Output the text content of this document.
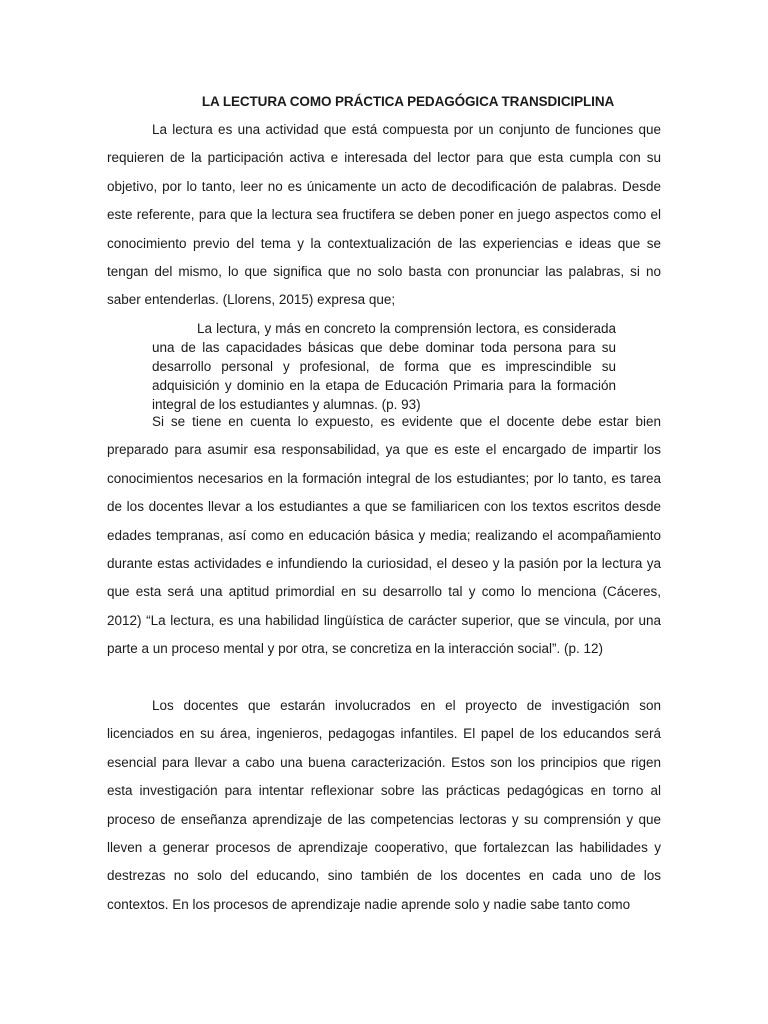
LA LECTURA COMO PRÁCTICA PEDAGÓGICA TRANSDICIPLINA

La lectura es una actividad que está compuesta por un conjunto de funciones que requieren de la participación activa e interesada del lector para que esta cumpla con su objetivo, por lo tanto, leer no es únicamente un acto de decodificación de palabras. Desde este referente, para que la lectura sea fructifera se deben poner en juego aspectos como el conocimiento previo del tema y la contextualización de las experiencias e ideas que se tengan del mismo, lo que significa que no solo basta con pronunciar las palabras, si no saber entenderlas. (Llorens, 2015) expresa que;

La lectura, y más en concreto la comprensión lectora, es considerada una de las capacidades básicas que debe dominar toda persona para su desarrollo personal y profesional, de forma que es imprescindible su adquisición y dominio en la etapa de Educación Primaria para la formación integral de los estudiantes y alumnas. (p. 93)

Si se tiene en cuenta lo expuesto, es evidente que el docente debe estar bien preparado para asumir esa responsabilidad, ya que es este el encargado de impartir los conocimientos necesarios en la formación integral de los estudiantes; por lo tanto, es tarea de los docentes llevar a los estudiantes a que se familiaricen con los textos escritos desde edades tempranas, así como en educación básica y media; realizando el acompañamiento durante estas actividades e infundiendo la curiosidad, el deseo y la pasión por la lectura ya que esta será una aptitud primordial en su desarrollo tal y como lo menciona (Cáceres, 2012) “La lectura, es una habilidad lingüística de carácter superior, que se vincula, por una parte a un proceso mental y por otra, se concretiza en la interacción social”. (p. 12)

Los docentes que estarán involucrados en el proyecto de investigación son licenciados en su área, ingenieros, pedagogas infantiles. El papel de los educandos será esencial para llevar a cabo una buena caracterización. Estos son los principios que rigen esta investigación para intentar reflexionar sobre las prácticas pedagógicas en torno al proceso de enseñanza aprendizaje de las competencias lectoras y su comprensión y que lleven a generar procesos de aprendizaje cooperativo, que fortalezcan las habilidades y destrezas no solo del educando, sino también de los docentes en cada uno de los contextos. En los procesos de aprendizaje nadie aprende solo y nadie sabe tanto como
